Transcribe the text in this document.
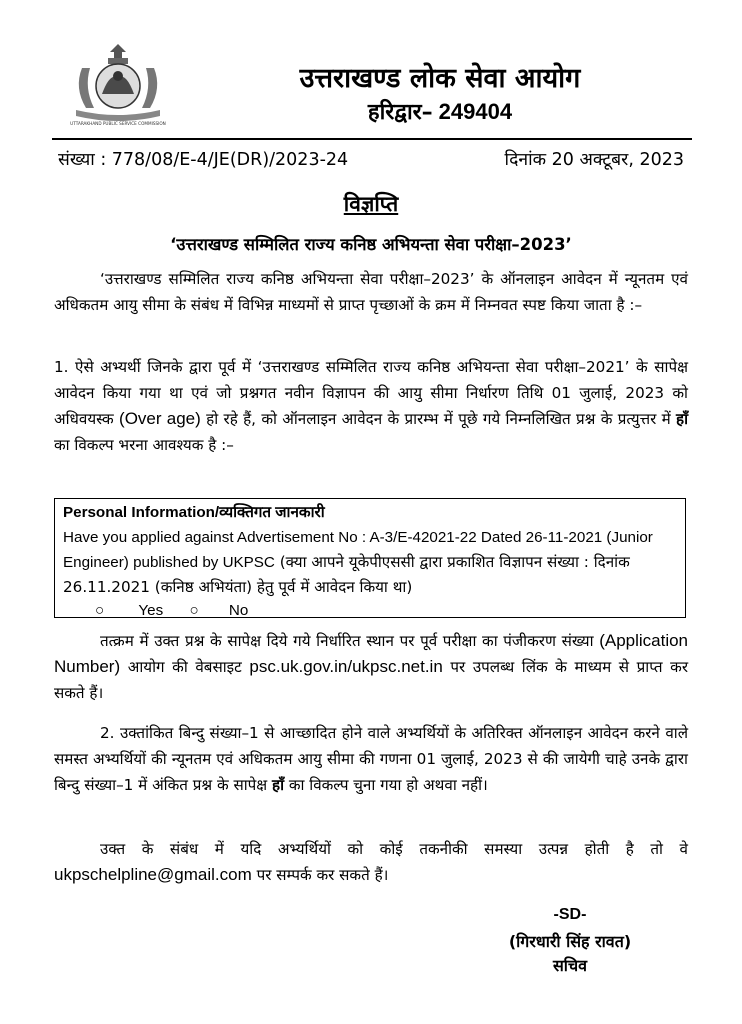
UTTARAKHAND PUBLIC SERVICE COMMISSION
उत्तराखण्ड लोक सेवा आयोग
हरिद्वार– 249404
संख्या : 778/08/E-4/JE(DR)/2023-24	दिनांक 20 अक्टूबर, 2023
विज्ञप्ति
‘उत्तराखण्ड सम्मिलित राज्य कनिष्ठ अभियन्ता सेवा परीक्षा–2023’
‘उत्तराखण्ड सम्मिलित राज्य कनिष्ठ अभियन्ता सेवा परीक्षा–2023’ के ऑनलाइन आवेदन में न्यूनतम एवं अधिकतम आयु सीमा के संबंध में विभिन्न माध्यमों से प्राप्त पृच्छाओं के क्रम में निम्नवत स्पष्ट किया जाता है :–
1. ऐसे अभ्यर्थी जिनके द्वारा पूर्व में ‘उत्तराखण्ड सम्मिलित राज्य कनिष्ठ अभियन्ता सेवा परीक्षा–2021’ के सापेक्ष आवेदन किया गया था एवं जो प्रश्नगत नवीन विज्ञापन की आयु सीमा निर्धारण तिथि 01 जुलाई, 2023 को अधिवयस्क (Over age) हो रहे हैं, को ऑनलाइन आवेदन के प्रारम्भ में पूछे गये निम्नलिखित प्रश्न के प्रत्युत्तर में हाँ का विकल्प भरना आवश्यक है :–
Personal Information/व्यक्तिगत जानकारी
Have you applied against Advertisement No : A-3/E-42021-22 Dated 26-11-2021 (Junior Engineer) published by UKPSC (क्या आपने यूकेपीएससी द्वारा प्रकाशित विज्ञापन संख्या : दिनांक 26.11.2021 (कनिष्ठ अभियंता) हेतु पूर्व में आवेदन किया था)
○ Yes ○ No
तत्क्रम में उक्त प्रश्न के सापेक्ष दिये गये निर्धारित स्थान पर पूर्व परीक्षा का पंजीकरण संख्या (Application Number) आयोग की वेबसाइट psc.uk.gov.in/ukpsc.net.in पर उपलब्ध लिंक के माध्यम से प्राप्त कर सकते हैं।
2. उक्तांकित बिन्दु संख्या–1 से आच्छादित होने वाले अभ्यर्थियों के अतिरिक्त ऑनलाइन आवेदन करने वाले समस्त अभ्यर्थियों की न्यूनतम एवं अधिकतम आयु सीमा की गणना 01 जुलाई, 2023 से की जायेगी चाहे उनके द्वारा बिन्दु संख्या–1 में अंकित प्रश्न के सापेक्ष हाँ का विकल्प चुना गया हो अथवा नहीं।
उक्त के संबंध में यदि अभ्यर्थियों को कोई तकनीकी समस्या उत्पन्न होती है तो वे ukpschelpline@gmail.com पर सम्पर्क कर सकते हैं।
-SD-
(गिरधारी सिंह रावत)
सचिव
